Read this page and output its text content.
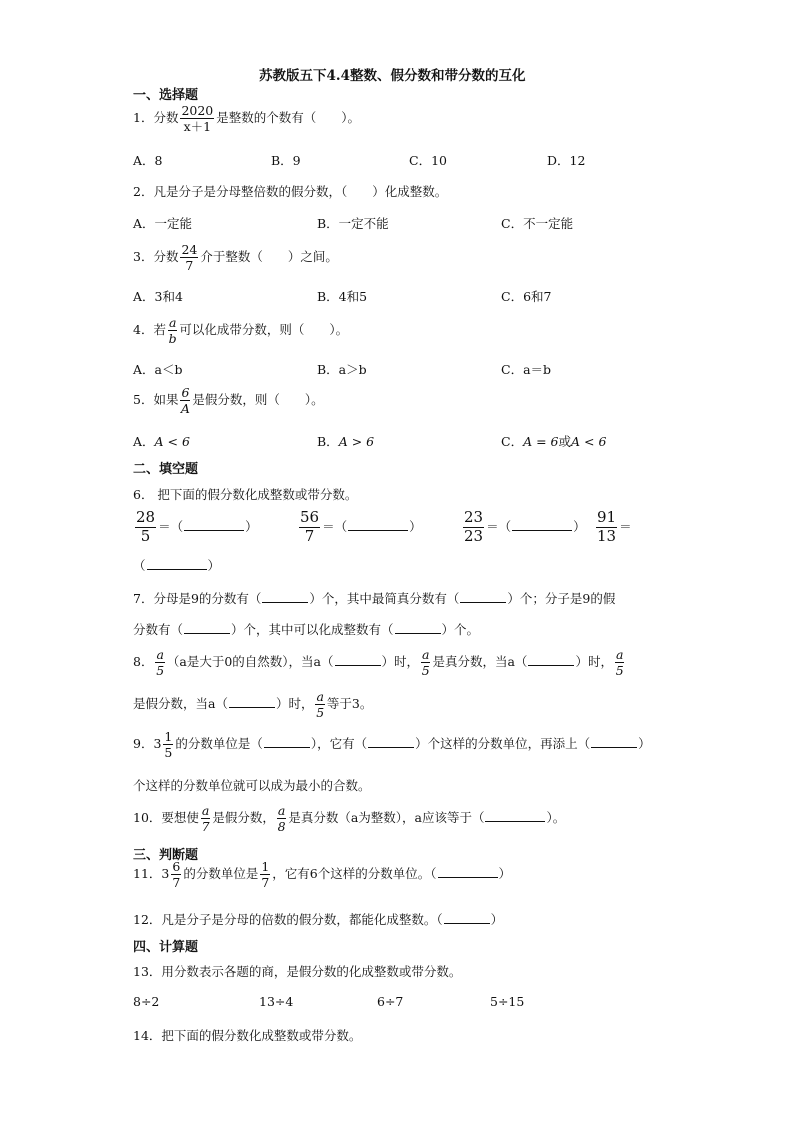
苏教版五下4.4整数、假分数和带分数的互化
一、选择题
1．分数 $\frac{2020}{x+1}$ 是整数的个数有（　　）。
A．8	B．9	C．10	D．12
2．凡是分子是分母整倍数的假分数，（　　）化成整数。
A．一定能	B．一定不能	C．不一定能
3．分数 $\frac{24}{7}$ 介于整数（　　）之间。
A．3和4	B．4和5	C．6和7
4．若 $\frac{a}{b}$ 可以化成带分数，则（　　）。
A．a＜b	B．a＞b	C．a＝b
5．如果 $\frac{6}{A}$ 是假分数，则（　　）。
A．A < 6	B．A > 6	C．A = 6或A < 6
二、填空题
6． 把下面的假分数化成整数或带分数。
$\frac{28}{5}$ ＝（	）	$\frac{56}{7}$ ＝（	）	$\frac{23}{23}$ ＝（	） $\frac{91}{13}$ ＝
（	）
7．分母是9的分数有（	）个，其中最简真分数有（	）个；分子是9的假
分数有（	）个，其中可以化成整数有（	）个。
8． $\frac{a}{5} (a$是大于0的自然数），当a（	）时， $\frac{a}{5}$ 是真分数，当a（	）时， $\frac{a}{5}$
是假分数，当a（	）时， $\frac{a}{5}$ 等于3。
9．$3 \frac{1}{5}$ 的分数单位是（	），它有（	）个这样的分数单位，再添上（	）
个这样的分数单位就可以成为最小的合数。
10．要想使 $\frac{a}{7}$ 是假分数， $\frac{a}{8}$ 是真分数（a为整数），a应该等于（	）。
三、判断题
11．$3 \frac{6}{7}$ 的分数单位是 $\frac{1}{7}$ ，它有6个这样的分数单位。（	）
12．凡是分子是分母的倍数的假分数，都能化成整数。（	）
四、计算题
13．用分数表示各题的商，是假分数的化成整数或带分数。
8÷2	13÷4	6÷7	5÷15
14．把下面的假分数化成整数或带分数。
